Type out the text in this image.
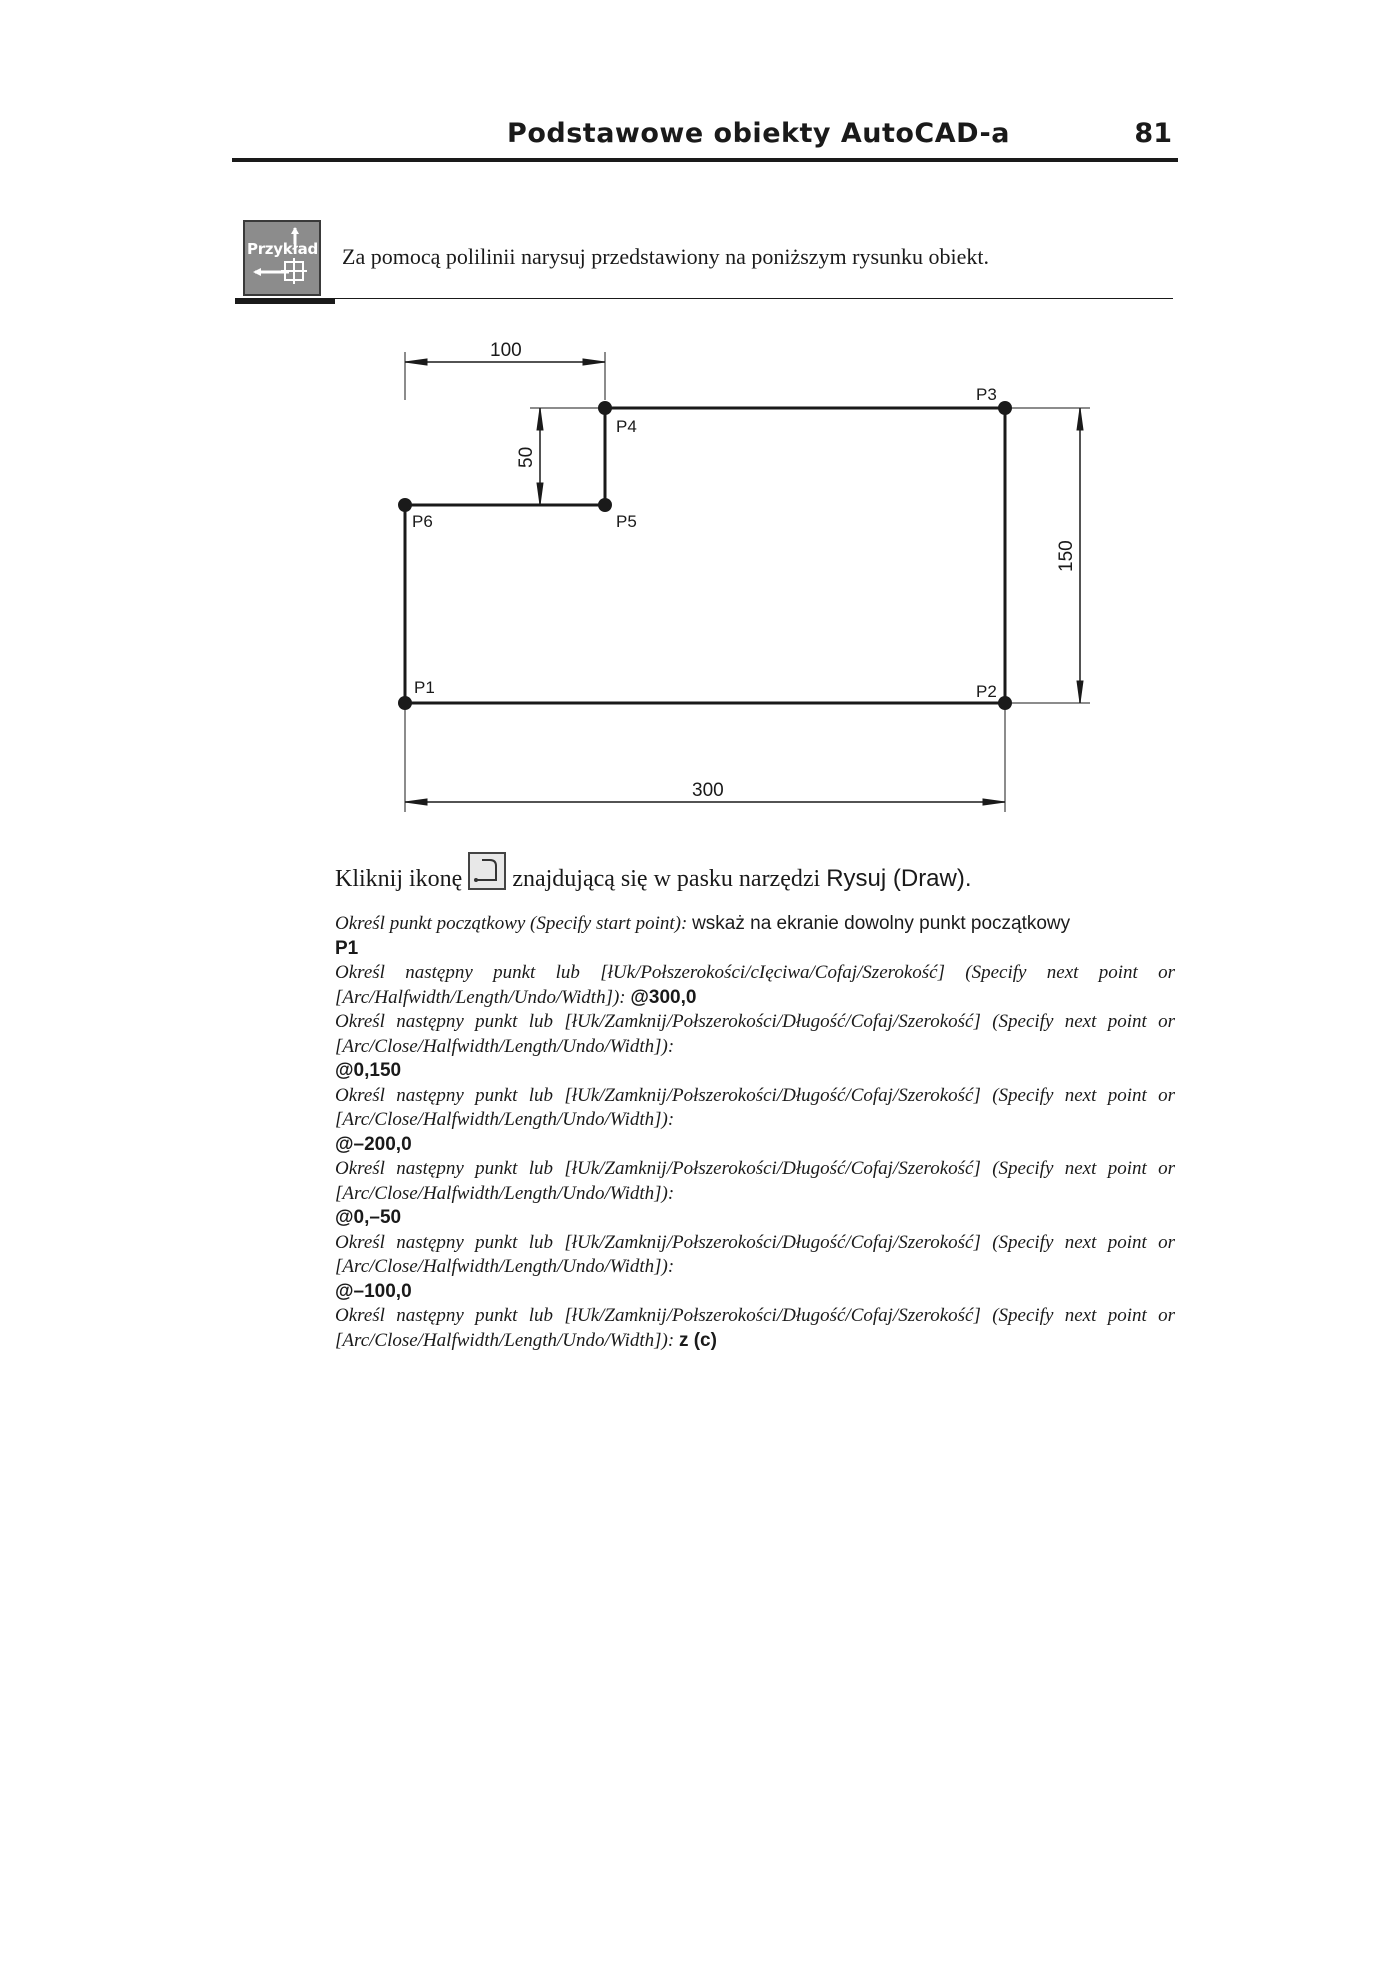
Podstawowe obiekty AutoCAD-a	81
Przykład Za pomocą polilinii narysuj przedstawiony na poniższym rysunku obiekt.
100
50
150
300
P1	P2
P3
P4
P5
P6
Kliknij ikonę znajdującą się w pasku narzędzi
Rysuj (Draw).

Określ punkt początkowy (Specify start point): wskaż na ekranie dowolny punkt początkowy
P1

Określ następny punkt lub [łUk/Połszerokości/cIęciwa/Cofaj/Szerokość] (Specify next point or [Arc/Halfwidth/Length/Undo/Width]): @300,0

Określ następny punkt lub [łUk/Zamknij/Połszerokości/Długość/Cofaj/Szerokość] (Specify next point or [Arc/Close/Halfwidth/Length/Undo/Width]):
@0,150

Określ następny punkt lub [łUk/Zamknij/Połszerokości/Długość/Cofaj/Szerokość] (Specify next point or [Arc/Close/Halfwidth/Length/Undo/Width]):
@–200,0

Określ następny punkt lub [łUk/Zamknij/Połszerokości/Długość/Cofaj/Szerokość] (Specify next point or [Arc/Close/Halfwidth/Length/Undo/Width]):
@0,–50

Określ następny punkt lub [łUk/Zamknij/Połszerokości/Długość/Cofaj/Szerokość] (Specify next point or [Arc/Close/Halfwidth/Length/Undo/Width]):
@–100,0

Określ następny punkt lub [łUk/Zamknij/Połszerokości/Długość/Cofaj/Szerokość] (Specify next point or [Arc/Close/Halfwidth/Length/Undo/Width]): z (c)
